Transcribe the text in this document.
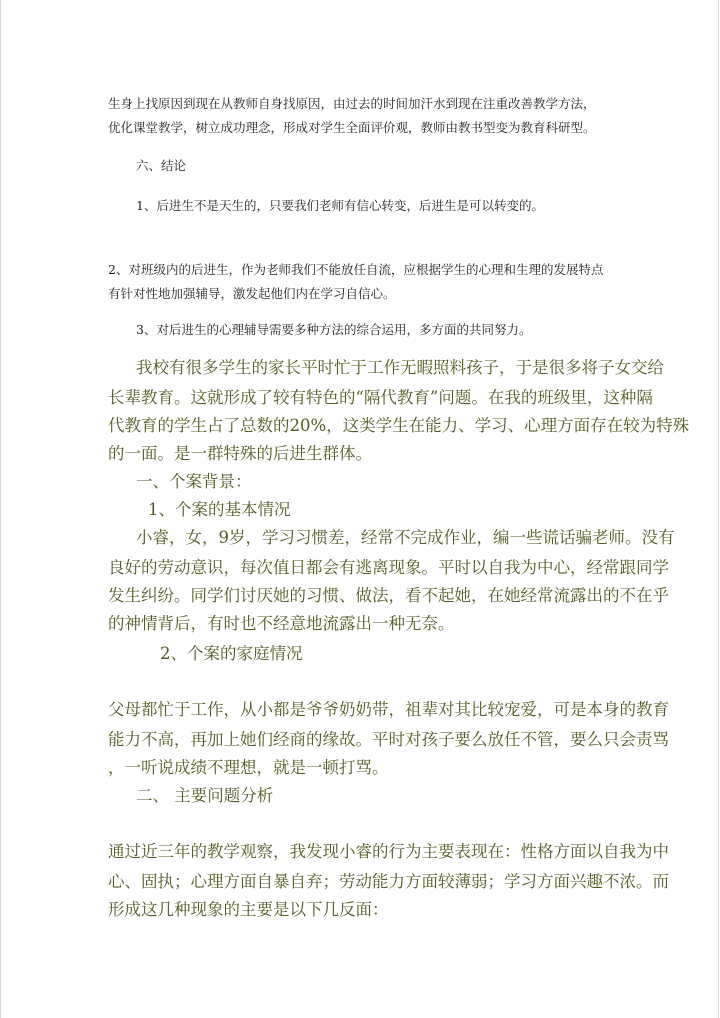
生身上找原因到现在从教师自身找原因，由过去的时间加汗水到现在注重改善教学方法，
优化课堂教学，树立成功理念，形成对学生全面评价观，教师由教书型变为教育科研型。
六、结论
1、后进生不是天生的，只要我们老师有信心转变，后进生是可以转变的。
2、对班级内的后进生，作为老师我们不能放任自流，应根据学生的心理和生理的发展特点
有针对性地加强辅导，激发起他们内在学习自信心。
3、对后进生的心理辅导需要多种方法的综合运用，多方面的共同努力。
我校有很多学生的家长平时忙于工作无暇照料孩子，于是很多将子女交给
长辈教育。这就形成了较有特色的“隔代教育”问题。在我的班级里，这种隔
代教育的学生占了总数的20%，这类学生在能力、学习、心理方面存在较为特殊
的一面。是一群特殊的后进生群体。
一、个案背景：
1、个案的基本情况
小睿，女，9岁，学习习惯差，经常不完成作业，编一些谎话骗老师。没有
良好的劳动意识，每次值日都会有逃离现象。平时以自我为中心，经常跟同学
发生纠纷。同学们讨厌她的习惯、做法，看不起她，在她经常流露出的不在乎
的神情背后，有时也不经意地流露出一种无奈。
2、个案的家庭情况
父母都忙于工作，从小都是爷爷奶奶带，祖辈对其比较宠爱，可是本身的教育
能力不高，再加上她们经商的缘故。平时对孩子要么放任不管，要么只会责骂
，一听说成绩不理想，就是一顿打骂。
二、 主要问题分析
通过近三年的教学观察，我发现小睿的行为主要表现在：性格方面以自我为中
心、固执；心理方面自暴自弃；劳动能力方面较薄弱；学习方面兴趣不浓。而
形成这几种现象的主要是以下几反面：
